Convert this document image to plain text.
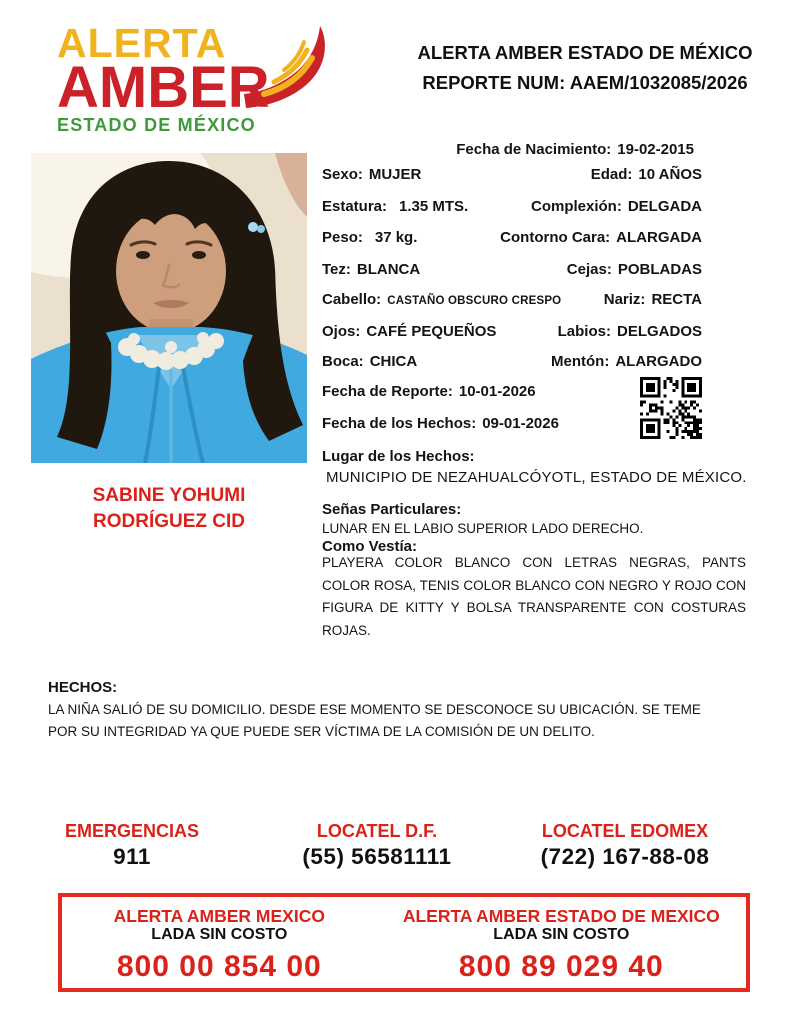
ALERTA
AMBER
ESTADO DE MÉXICO
ALERTA AMBER ESTADO DE MÉXICO
REPORTE NUM: AAEM/1032085/2026
SABINE YOHUMI
RODRÍGUEZ CID
Fecha de Nacimiento: 19-02-2015
Sexo: MUJER	Edad: 10 AÑOS
Estatura: 1.35 MTS.	Complexión: DELGADA
Peso: 37 kg.	Contorno Cara: ALARGADA
Tez: BLANCA	Cejas: POBLADAS
Cabello: CASTAÑO OBSCURO CRESPO	Nariz: RECTA
Ojos: CAFÉ PEQUEÑOS	Labios: DELGADOS
Boca: CHICA	Mentón: ALARGADO
Fecha de Reporte: 10-01-2026
Fecha de los Hechos: 09-01-2026
Lugar de los Hechos:
MUNICIPIO DE NEZAHUALCÓYOTL, ESTADO DE MÉXICO.
Señas Particulares:
LUNAR EN EL LABIO SUPERIOR LADO DERECHO.
Como Vestía:
PLAYERA COLOR BLANCO CON LETRAS NEGRAS, PANTS COLOR ROSA, TENIS COLOR BLANCO CON NEGRO Y ROJO CON FIGURA DE KITTY Y BOLSA TRANSPARENTE CON COSTURAS ROJAS.
HECHOS:
LA NIÑA SALIÓ DE SU DOMICILIO. DESDE ESE MOMENTO SE DESCONOCE SU UBICACIÓN. SE TEME POR SU INTEGRIDAD YA QUE PUEDE SER VÍCTIMA DE LA COMISIÓN DE UN DELITO.
EMERGENCIAS
911
LOCATEL D.F.
(55) 56581111
LOCATEL EDOMEX
(722) 167-88-08
ALERTA AMBER MEXICO
LADA SIN COSTO
800 00 854 00
ALERTA AMBER ESTADO DE MEXICO
LADA SIN COSTO
800 89 029 40
